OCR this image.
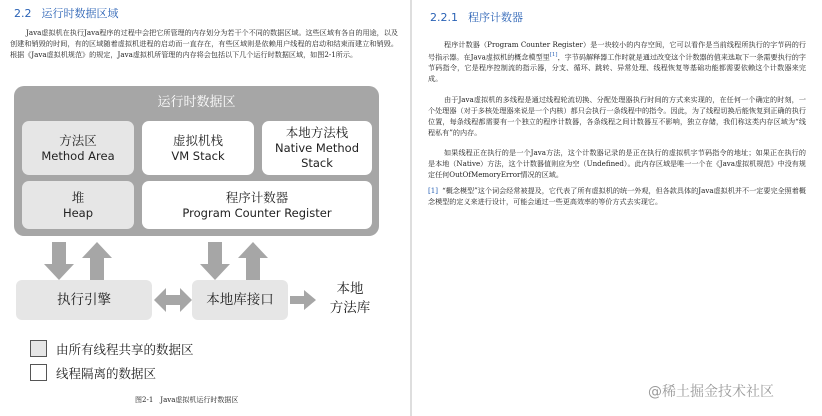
2.2 运行时数据区域
Java虚拟机在执行Java程序的过程中会把它所管理的内存划分为若干个不同的数据区域。这些区域有各自的用途，以及创建和销毁的时间，有的区域随着虚拟机进程的启动而一直存在，有些区域则是依赖用户线程的启动和结束而建立和销毁。根据《Java虚拟机规范》的规定，Java虚拟机所管理的内存将会包括以下几个运行时数据区域，如图2-1所示。
运行时数据区
方法区
Method Area
虚拟机栈
VM Stack
本地方法栈
Native Method
Stack
堆
Heap
程序计数器
Program Counter Register
执行引擎	本地库接口
本地
方法库
由所有线程共享的数据区
线程隔离的数据区
图2-1　Java虚拟机运行时数据区
2.2.1 程序计数器
程序计数器（Program Counter Register）是一块较小的内存空间，它可以看作是当前线程所执行的字节码的行号指示器。在Java虚拟机的概念模型里[1]，字节码解释器工作时就是通过改变这个计数器的值来选取下一条需要执行的字节码指令，它是程序控制流的指示器，分支、循环、跳转、异常处理、线程恢复等基础功能都需要依赖这个计数器来完成。
由于Java虚拟机的多线程是通过线程轮流切换、分配处理器执行时间的方式来实现的，在任何一个确定的时刻，一个处理器（对于多核处理器来说是一个内核）都只会执行一条线程中的指令。因此，为了线程切换后能恢复到正确的执行位置，每条线程都需要有一个独立的程序计数器，各条线程之间计数器互不影响，独立存储，我们称这类内存区域为“线程私有”的内存。
如果线程正在执行的是一个Java方法，这个计数器记录的是正在执行的虚拟机字节码指令的地址；如果正在执行的是本地（Native）方法，这个计数器值则应为空（Undefined）。此内存区域是唯一一个在《Java虚拟机规范》中没有规定任何OutOfMemoryError情况的区域。
[1] “概念模型”这个词会经常被提及，它代表了所有虚拟机的统一外观，但各款具体的Java虚拟机并不一定要完全照着概念模型的定义来进行设计，可能会通过一些更高效率的等价方式去实现它。
@稀土掘金技术社区
